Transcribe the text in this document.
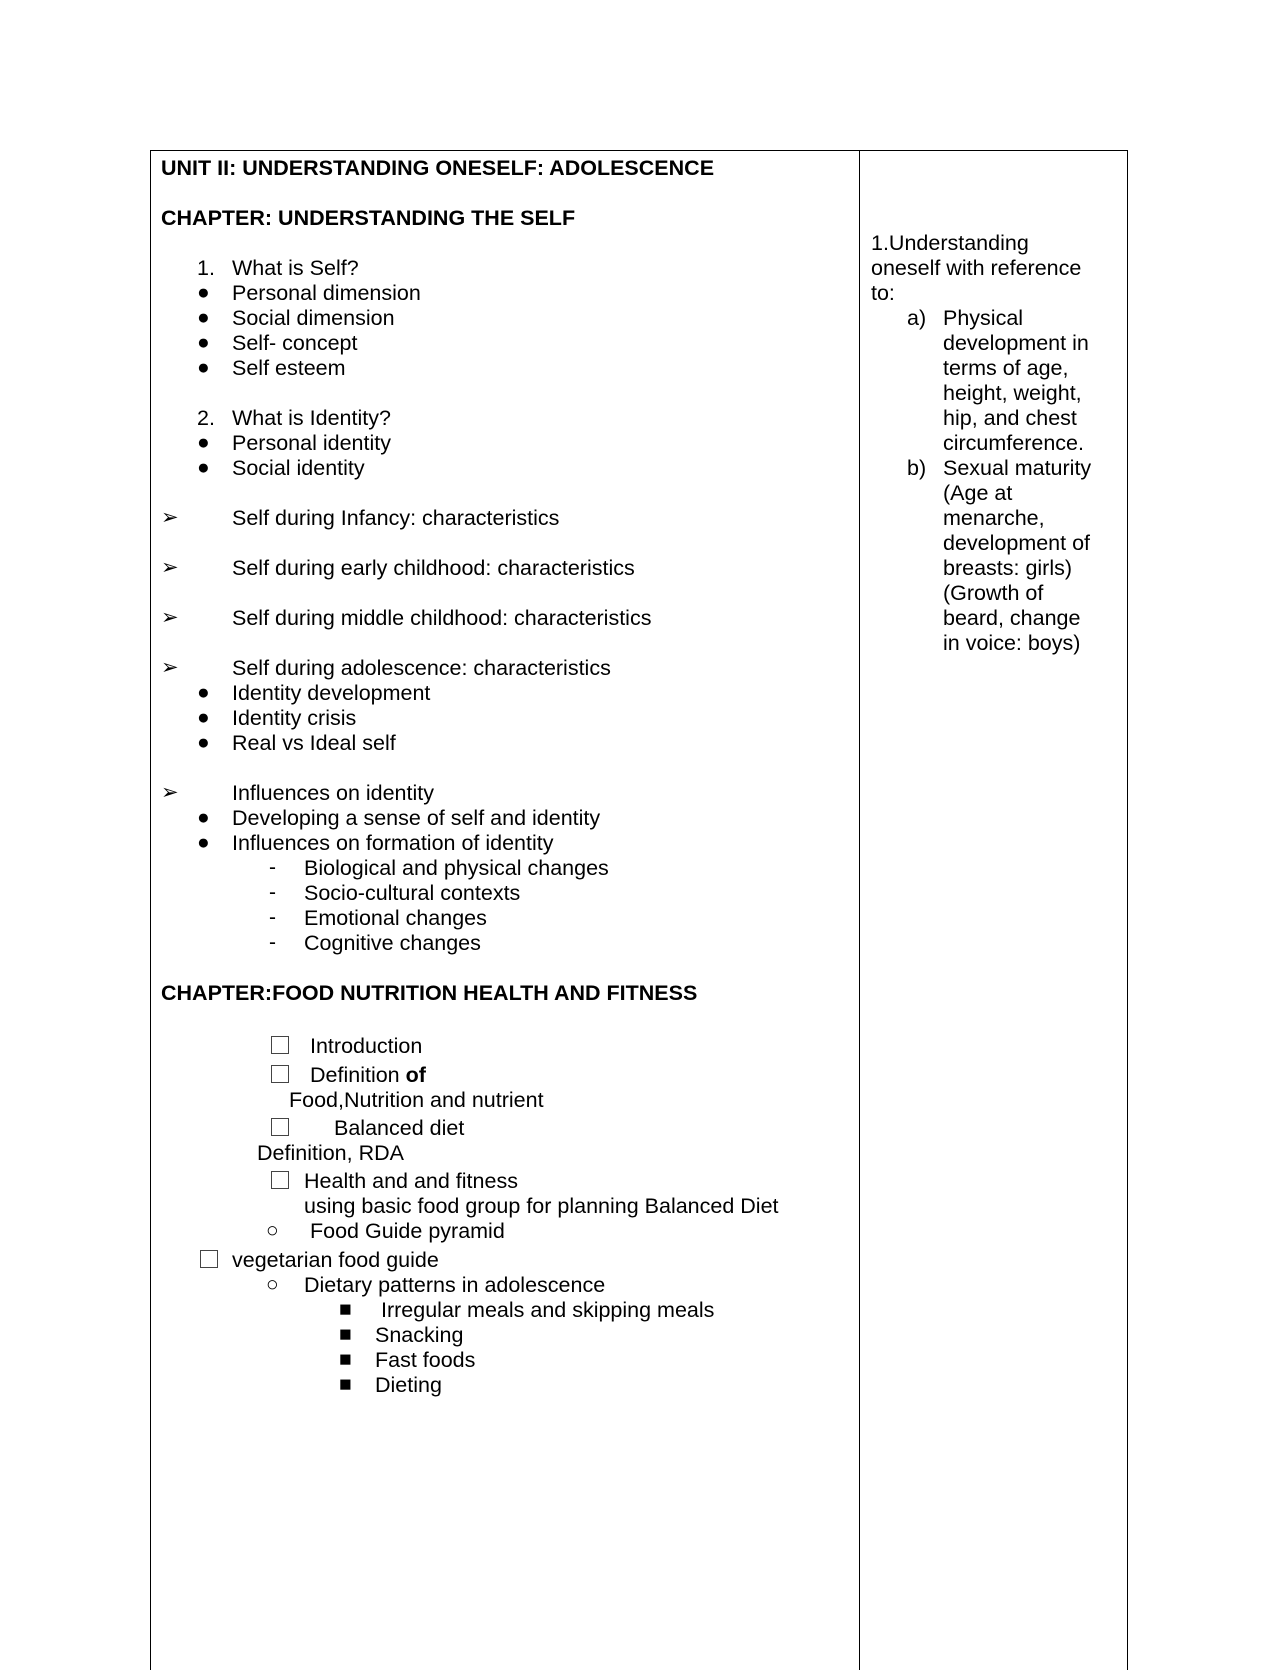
UNIT II: UNDERSTANDING ONESELF: ADOLESCENCE
CHAPTER: UNDERSTANDING THE SELF
1. What is Self?
● Personal dimension
● Social dimension
● Self- concept
● Self esteem
2. What is Identity?
● Personal identity
● Social identity
➢ Self during Infancy: characteristics
➢ Self during early childhood: characteristics
➢ Self during middle childhood: characteristics
➢ Self during adolescence: characteristics
● Identity development
● Identity crisis
● Real vs Ideal self
➢ Influences on identity
● Developing a sense of self and identity
● Influences on formation of identity
- Biological and physical changes
- Socio-cultural contexts
- Emotional changes
- Cognitive changes
CHAPTER:FOOD NUTRITION HEALTH AND FITNESS
Introduction
Definition of
Food,Nutrition and nutrient
Balanced diet
Definition, RDA
Health and and fitness
using basic food group for planning Balanced Diet
○ Food Guide pyramid
vegetarian food guide
○ Dietary patterns in adolescence
■ Irregular meals and skipping meals
■ Snacking
■ Fast foods
■ Dieting
1.Understanding
oneself with reference
to:
a) Physical
development in
terms of age,
height, weight,
hip, and chest
circumference.
b) Sexual maturity
(Age at
menarche,
development of
breasts: girls)
(Growth of
beard, change
in voice: boys)
